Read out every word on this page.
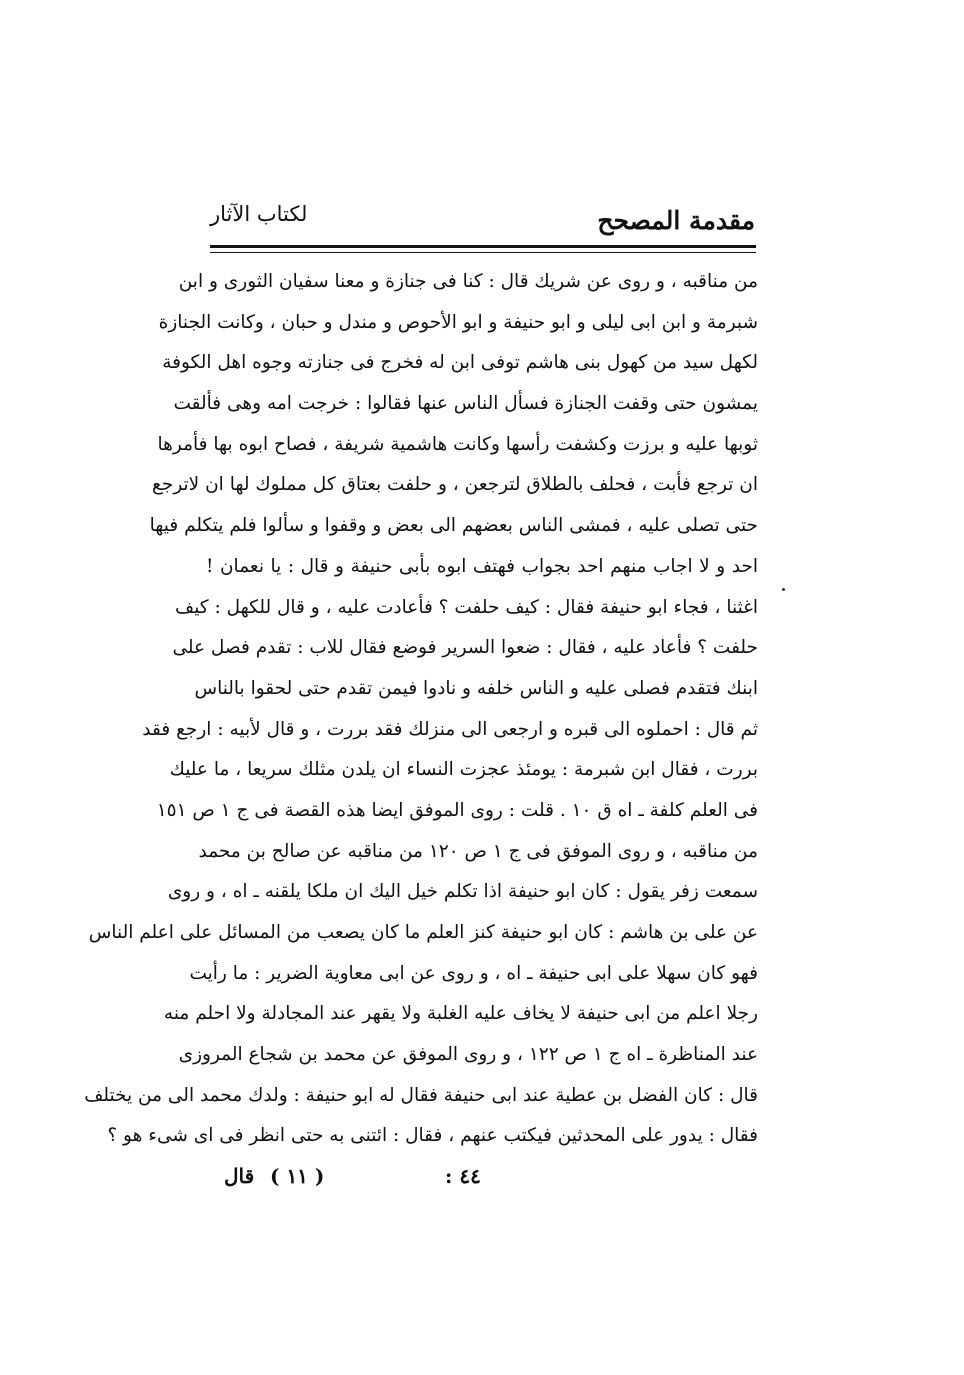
مقدمة المصحح
لكتاب الآثار
من مناقبه ، و روى عن شريك قال : كنا فى جنازة و معنا سفيان الثورى و ابن
شبرمة و ابن ابى ليلى و ابو حنيفة و ابو الأحوص و مندل و حبان ، وكانت الجنازة
لكهل سيد من كهول بنى هاشم توفى ابن له فخرج فى جنازته وجوه اهل الكوفة
يمشون حتى وقفت الجنازة فسأل الناس عنها فقالوا : خرجت امه وهى فألقت
ثوبها عليه و برزت وكشفت رأسها وكانت هاشمية شريفة ، فصاح ابوه بها فأمرها
ان ترجع فأبت ، فحلف بالطلاق لترجعن ، و حلفت بعتاق كل مملوك لها ان لاترجع
حتى تصلى عليه ، فمشى الناس بعضهم الى بعض و وقفوا و سألوا فلم يتكلم فيها
احد و لا اجاب منهم احد بجواب فهتف ابوه بأبى حنيفة و قال : يا نعمان !
اغثنا ، فجاء ابو حنيفة فقال : كيف حلفت ؟ فأعادت عليه ، و قال للكهل : كيف
حلفت ؟ فأعاد عليه ، فقال : ضعوا السرير فوضع فقال للاب : تقدم فصل على
ابنك فتقدم فصلى عليه و الناس خلفه و نادوا فيمن تقدم حتى لحقوا بالناس
ثم قال : احملوه الى قبره و ارجعى الى منزلك فقد بررت ، و قال لأبيه : ارجع فقد
بررت ، فقال ابن شبرمة : يومئذ عجزت النساء ان يلدن مثلك سريعا ، ما عليك
فى العلم كلفة ـ اه ق ١٠ . قلت : روى الموفق ايضا هذه القصة فى ج ١ ص ١٥١
من مناقبه ، و روى الموفق فى ج ١ ص ١٢٠ من مناقبه عن صالح بن محمد
سمعت زفر يقول : كان ابو حنيفة اذا تكلم خيل اليك ان ملكا يلقنه ـ اه ، و روى
عن على بن هاشم : كان ابو حنيفة كنز العلم ما كان يصعب من المسائل على اعلم الناس
فهو كان سهلا على ابى حنيفة ـ اه ، و روى عن ابى معاوية الضرير : ما رأيت
رجلا اعلم من ابى حنيفة لا يخاف عليه الغلبة ولا يقهر عند المجادلة ولا احلم منه
عند المناظرة ـ اه ج ١ ص ١٢٢ ، و روى الموفق عن محمد بن شجاع المروزى
قال : كان الفضل بن عطية عند ابى حنيفة فقال له ابو حنيفة : ولدك محمد الى من يختلف
فقال : يدور على المحدثين فيكتب عنهم ، فقال : ائتنى به حتى انظر فى اى شىء هو ؟
٤٤ :
( ١١ )
قال
